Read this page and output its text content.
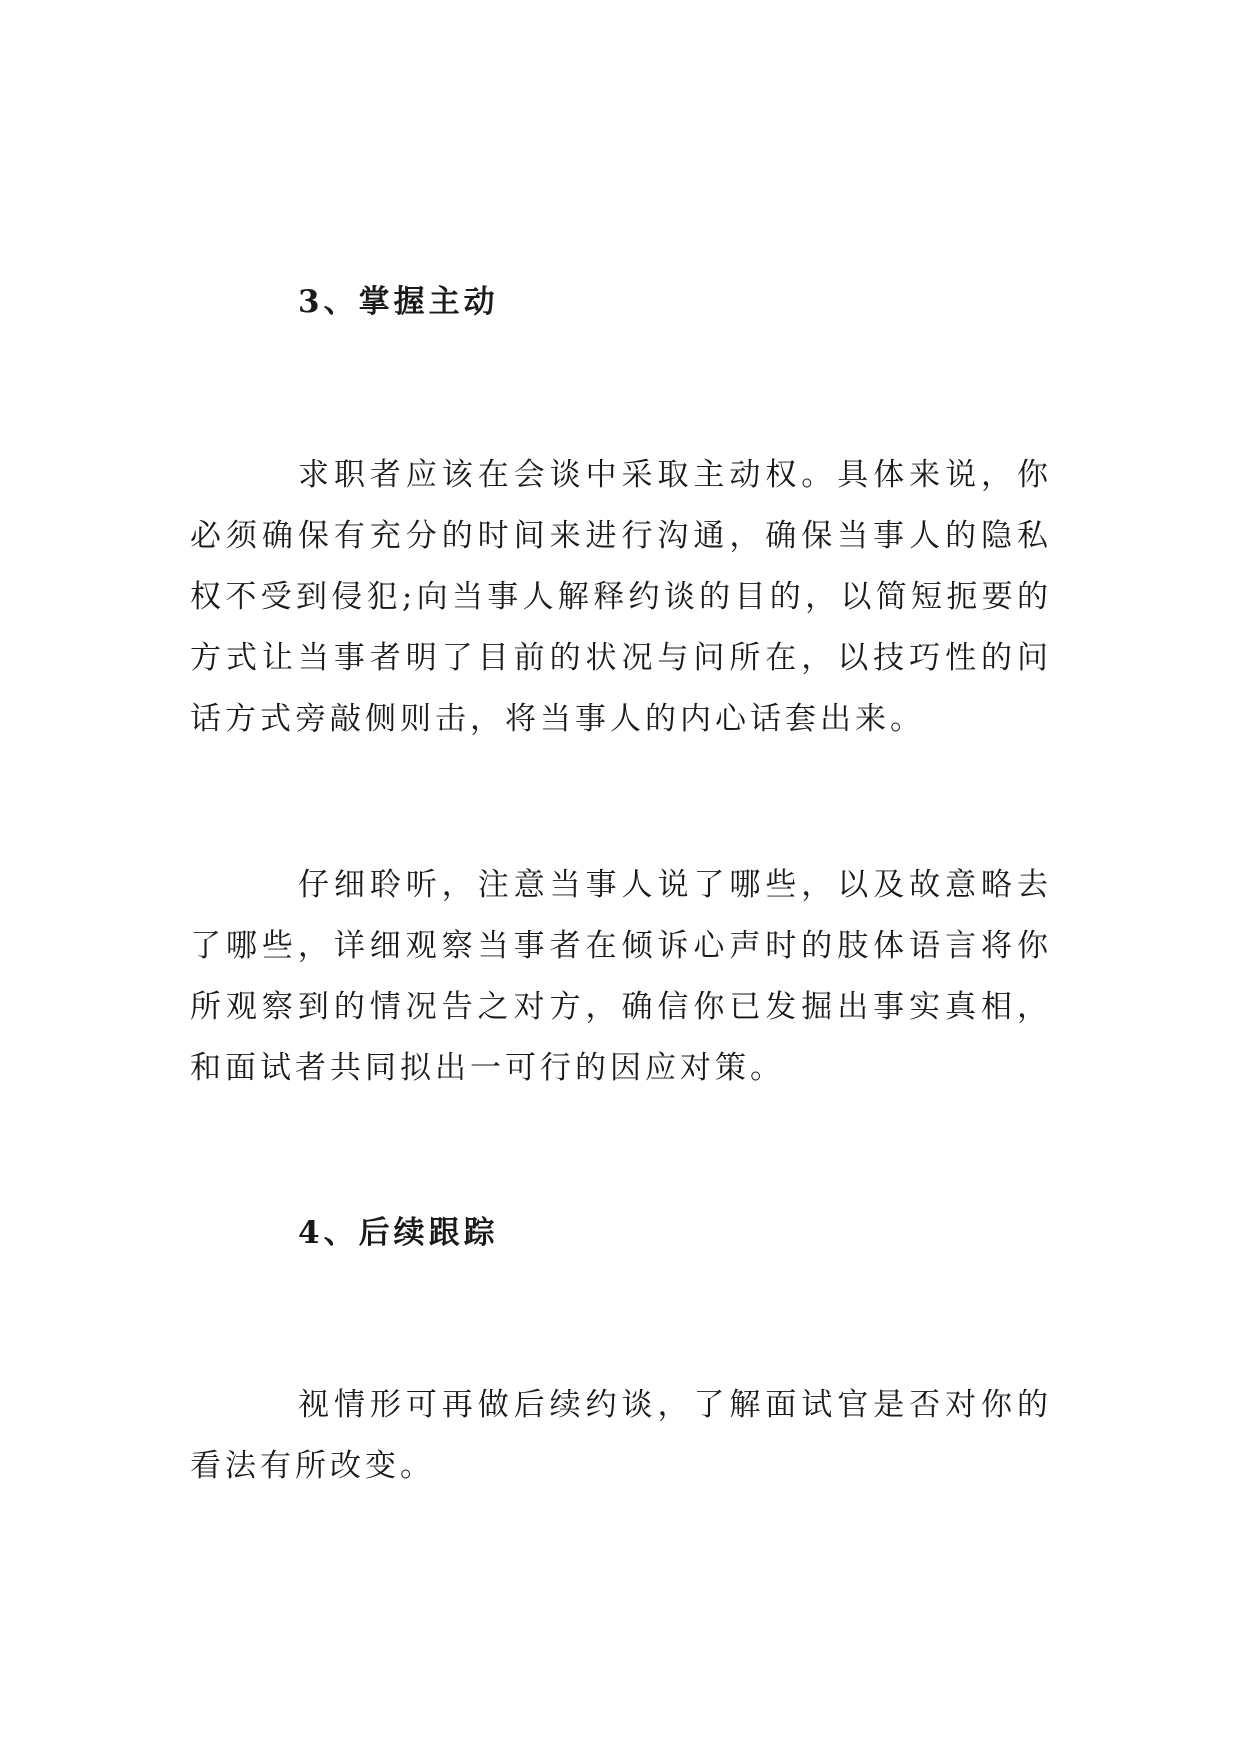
3、掌握主动

求职者应该在会谈中采取主动权。具体来说，你必须确保有充分的时间来进行沟通，确保当事人的隐私权不受到侵犯;向当事人解释约谈的目的，以简短扼要的方式让当事者明了目前的状况与问所在，以技巧性的问话方式旁敲侧则击，将当事人的内心话套出来。

仔细聆听，注意当事人说了哪些，以及故意略去了哪些，详细观察当事者在倾诉心声时的肢体语言将你所观察到的情况告之对方，确信你已发掘出事实真相，和面试者共同拟出一可行的因应对策。

4、后续跟踪

视情形可再做后续约谈，了解面试官是否对你的看法有所改变。
